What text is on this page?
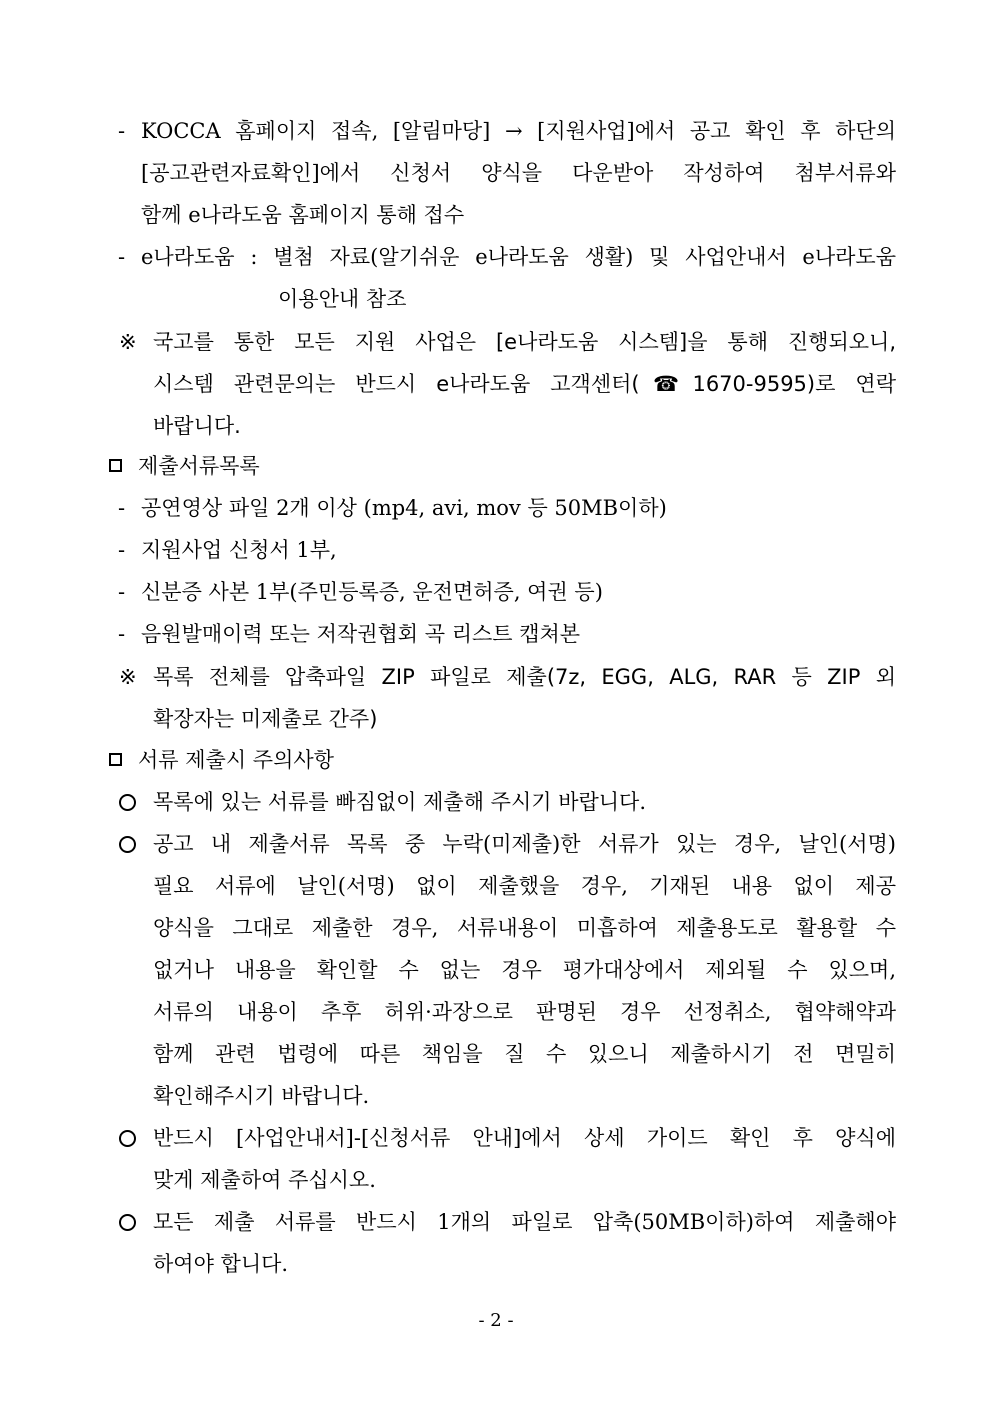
- KOCCA 홈페이지 접속, [알림마당] → [지원사업]에서 공고 확인 후 하단의
[공고관련자료확인]에서 신청서 양식을 다운받아 작성하여 첨부서류와
함께 e나라도움 홈페이지 통해 접수
- e나라도움 : 별첨 자료(알기쉬운 e나라도움 생활) 및 사업안내서 e나라도움
이용안내 참조
※ 국고를 통한 모든 지원 사업은 [e나라도움 시스템]을 통해 진행되오니,
시스템 관련문의는 반드시 e나라도움 고객센터(☎1670-9595)로 연락
바랍니다.
제출서류목록
- 공연영상 파일 2개 이상 (mp4, avi, mov 등 50MB이하)
- 지원사업 신청서 1부,
- 신분증 사본 1부(주민등록증, 운전면허증, 여권 등)
- 음원발매이력 또는 저작권협회 곡 리스트 캡쳐본
※ 목록 전체를 압축파일 ZIP 파일로 제출(7z, EGG, ALG, RAR 등 ZIP 외
확장자는 미제출로 간주)
서류 제출시 주의사항
목록에 있는 서류를 빠짐없이 제출해 주시기 바랍니다.
공고 내 제출서류 목록 중 누락(미제출)한 서류가 있는 경우, 날인(서명)
필요 서류에 날인(서명) 없이 제출했을 경우, 기재된 내용 없이 제공
양식을 그대로 제출한 경우, 서류내용이 미흡하여 제출용도로 활용할 수
없거나 내용을 확인할 수 없는 경우 평가대상에서 제외될 수 있으며,
서류의 내용이 추후 허위·과장으로 판명된 경우 선정취소, 협약해약과
함께 관련 법령에 따른 책임을 질 수 있으니 제출하시기 전 면밀히
확인해주시기 바랍니다.
반드시 [사업안내서]-[신청서류 안내]에서 상세 가이드 확인 후 양식에
맞게 제출하여 주십시오.
모든 제출 서류를 반드시 1개의 파일로 압축(50MB이하)하여 제출해야
하여야 합니다.
- 2 -
